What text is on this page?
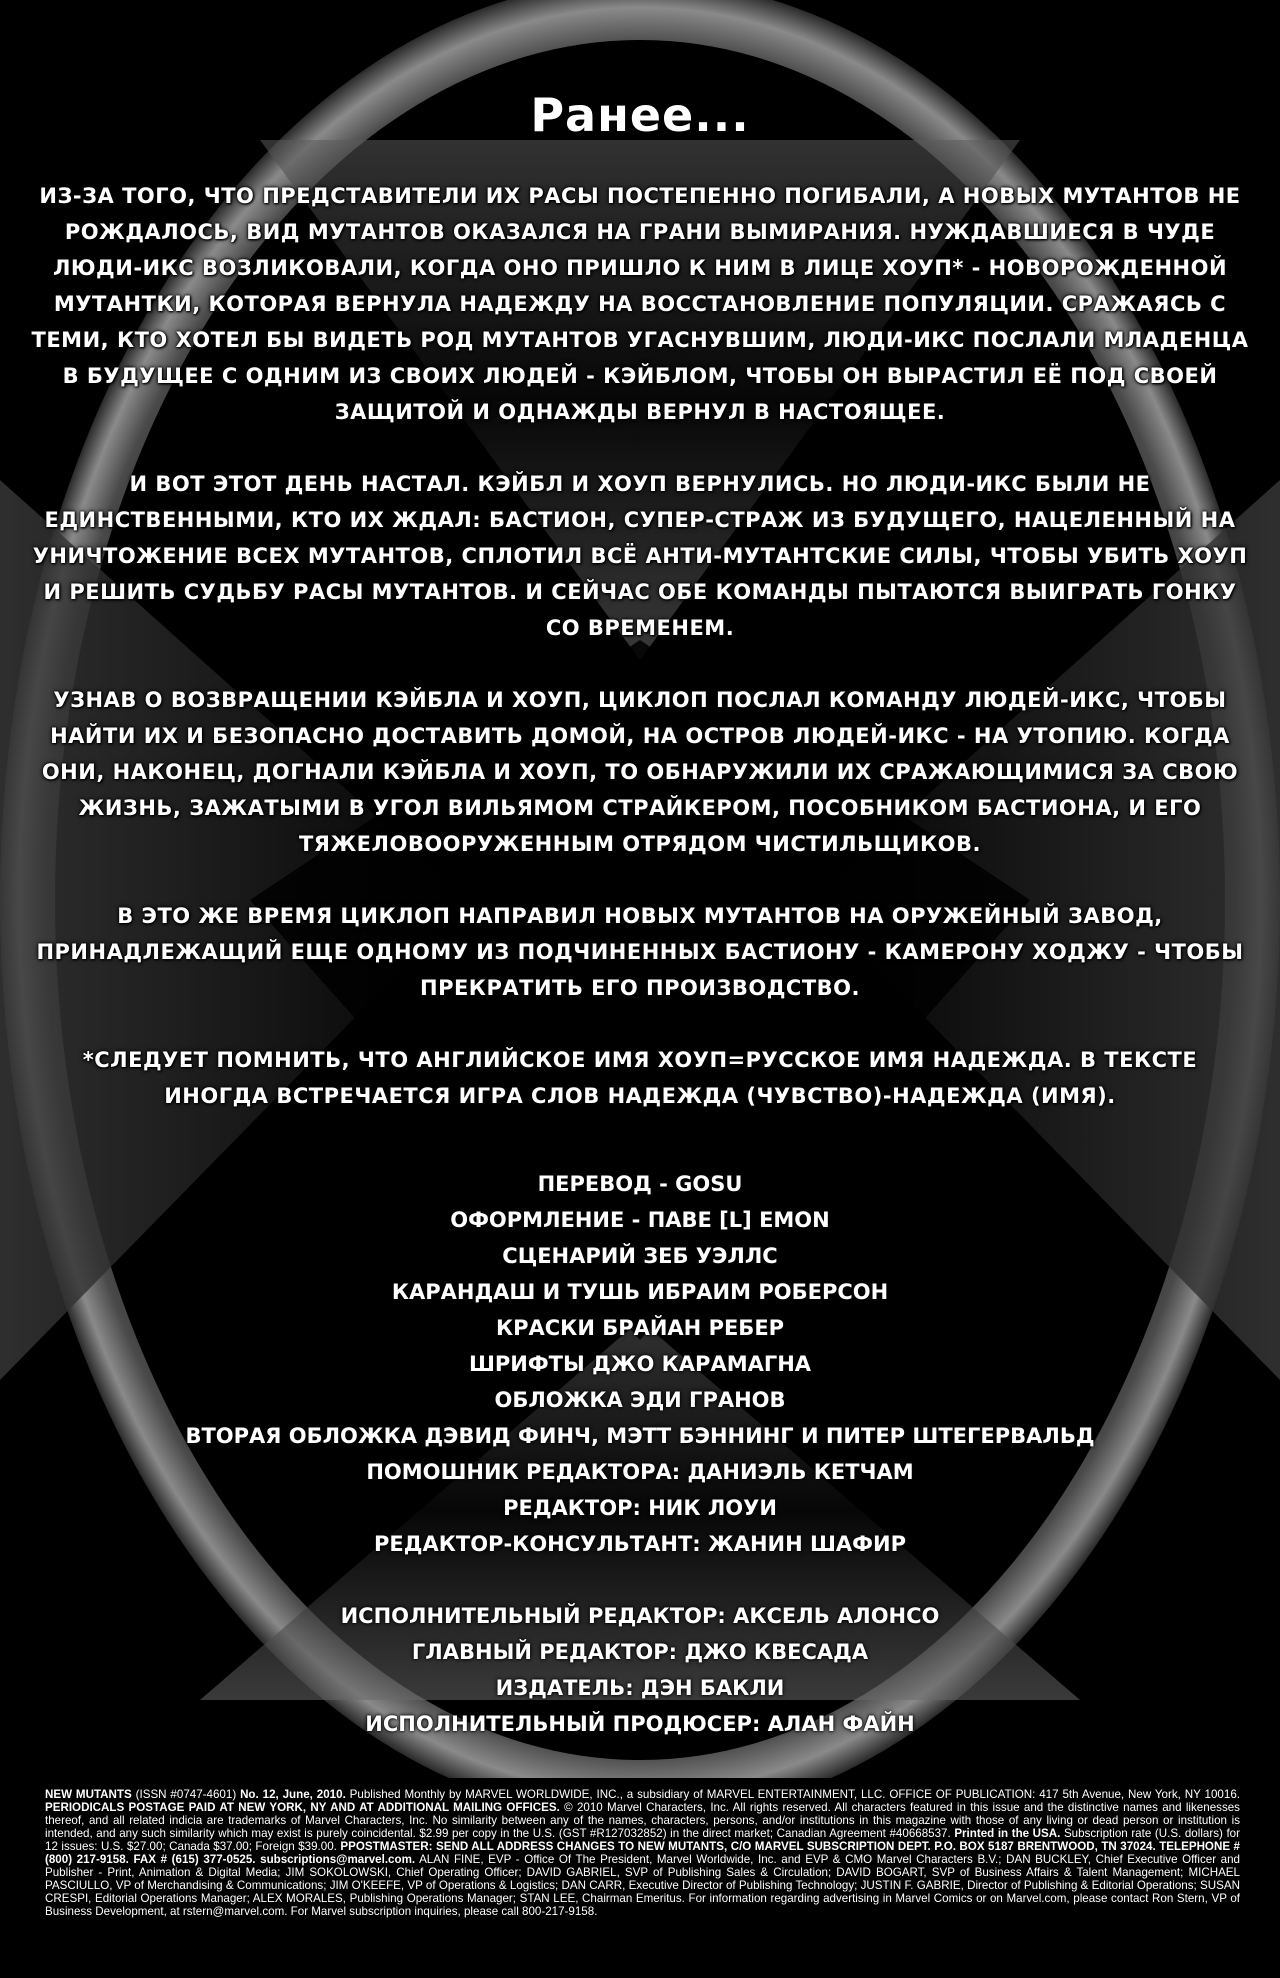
Ранее...
ИЗ-ЗА ТОГО, ЧТО ПРЕДСТАВИТЕЛИ ИХ РАСЫ ПОСТЕПЕННО ПОГИБАЛИ, А НОВЫХ МУТАНТОВ НЕ РОЖДАЛОСЬ, ВИД МУТАНТОВ ОКАЗАЛСЯ НА ГРАНИ ВЫМИРАНИЯ. НУЖДАВШИЕСЯ В ЧУДЕ ЛЮДИ-ИКС ВОЗЛИКОВАЛИ, КОГДА ОНО ПРИШЛО К НИМ В ЛИЦЕ ХОУП* - НОВОРОЖДЕННОЙ МУТАНТКИ, КОТОРАЯ ВЕРНУЛА НАДЕЖДУ НА ВОССТАНОВЛЕНИЕ ПОПУЛЯЦИИ. СРАЖАЯСЬ С ТЕМИ, КТО ХОТЕЛ БЫ ВИДЕТЬ РОД МУТАНТОВ УГАСНУВШИМ, ЛЮДИ-ИКС ПОСЛАЛИ МЛАДЕНЦА В БУДУЩЕЕ С ОДНИМ ИЗ СВОИХ ЛЮДЕЙ - КЭЙБЛОМ, ЧТОБЫ ОН ВЫРАСТИЛ ЕЁ ПОД СВОЕЙ ЗАЩИТОЙ И ОДНАЖДЫ ВЕРНУЛ В НАСТОЯЩЕЕ.
И ВОТ ЭТОТ ДЕНЬ НАСТАЛ. КЭЙБЛ И ХОУП ВЕРНУЛИСЬ. НО ЛЮДИ-ИКС БЫЛИ НЕ ЕДИНСТВЕННЫМИ, КТО ИХ ЖДАЛ: БАСТИОН, СУПЕР-СТРАЖ ИЗ БУДУЩЕГО, НАЦЕЛЕННЫЙ НА УНИЧТОЖЕНИЕ ВСЕХ МУТАНТОВ, СПЛОТИЛ ВСЁ АНТИ-МУТАНТСКИЕ СИЛЫ, ЧТОБЫ УБИТЬ ХОУП И РЕШИТЬ СУДЬБУ РАСЫ МУТАНТОВ. И СЕЙЧАС ОБЕ КОМАНДЫ ПЫТАЮТСЯ ВЫИГРАТЬ ГОНКУ СО ВРЕМЕНЕМ.
УЗНАВ О ВОЗВРАЩЕНИИ КЭЙБЛА И ХОУП, ЦИКЛОП ПОСЛАЛ КОМАНДУ ЛЮДЕЙ-ИКС, ЧТОБЫ НАЙТИ ИХ И БЕЗОПАСНО ДОСТАВИТЬ ДОМОЙ, НА ОСТРОВ ЛЮДЕЙ-ИКС - НА УТОПИЮ. КОГДА ОНИ, НАКОНЕЦ, ДОГНАЛИ КЭЙБЛА И ХОУП, ТО ОБНАРУЖИЛИ ИХ СРАЖАЮЩИМИСЯ ЗА СВОЮ ЖИЗНЬ, ЗАЖАТЫМИ В УГОЛ ВИЛЬЯМОМ СТРАЙКЕРОМ, ПОСОБНИКОМ БАСТИОНА, И ЕГО ТЯЖЕЛОВООРУЖЕННЫМ ОТРЯДОМ ЧИСТИЛЬЩИКОВ.
В ЭТО ЖЕ ВРЕМЯ ЦИКЛОП НАПРАВИЛ НОВЫХ МУТАНТОВ НА ОРУЖЕЙНЫЙ ЗАВОД, ПРИНАДЛЕЖАЩИЙ ЕЩЕ ОДНОМУ ИЗ ПОДЧИНЕННЫХ БАСТИОНУ - КАМЕРОНУ ХОДЖУ - ЧТОБЫ ПРЕКРАТИТЬ ЕГО ПРОИЗВОДСТВО.
*СЛЕДУЕТ ПОМНИТЬ, ЧТО АНГЛИЙСКОЕ ИМЯ ХОУП=РУССКОЕ ИМЯ НАДЕЖДА. В ТЕКСТЕ ИНОГДА ВСТРЕЧАЕТСЯ ИГРА СЛОВ НАДЕЖДА (ЧУВСТВО)-НАДЕЖДА (ИМЯ).
ПЕРЕВОД - GOSU
ОФОРМЛЕНИЕ - ПАВЕ [L] EMON
СЦЕНАРИЙ ЗЕБ УЭЛЛС
КАРАНДАШ И ТУШЬ ИБРАИМ РОБЕРСОН
КРАСКИ БРАЙАН РЕБЕР
ШРИФТЫ ДЖО КАРАМАГНА
ОБЛОЖКА ЭДИ ГРАНОВ
ВТОРАЯ ОБЛОЖКА ДЭВИД ФИНЧ, МЭТТ БЭННИНГ И ПИТЕР ШТЕГЕРВАЛЬД
ПОМОШНИК РЕДАКТОРА: ДАНИЭЛЬ КЕТЧАМ
РЕДАКТОР: НИК ЛОУИ
РЕДАКТОР-КОНСУЛЬТАНТ: ЖАНИН ШАФИР
ИСПОЛНИТЕЛЬНЫЙ РЕДАКТОР: АКСЕЛЬ АЛОНСО
ГЛАВНЫЙ РЕДАКТОР: ДЖО КВЕСАДА
ИЗДАТЕЛЬ: ДЭН БАКЛИ
ИСПОЛНИТЕЛЬНЫЙ ПРОДЮСЕР: АЛАН ФАЙН
NEW MUTANTS (ISSN #0747-4601) No. 12, June, 2010. Published Monthly by MARVEL WORLDWIDE, INC., a subsidiary of MARVEL ENTERTAINMENT, LLC. OFFICE OF PUBLICATION: 417 5th Avenue, New York, NY 10016. PERIODICALS POSTAGE PAID AT NEW YORK, NY AND AT ADDITIONAL MAILING OFFICES. © 2010 Marvel Characters, Inc. All rights reserved. All characters featured in this issue and the distinctive names and likenesses thereof, and all related indicia are trademarks of Marvel Characters, Inc. No similarity between any of the names, characters, persons, and/or institutions in this magazine with those of any living or dead person or institution is intended, and any such similarity which may exist is purely coincidental. $2.99 per copy in the U.S. (GST #R127032852) in the direct market; Canadian Agreement #40668537. Printed in the USA. Subscription rate (U.S. dollars) for 12 issues: U.S. $27.00; Canada $37.00; Foreign $39.00. PPOSTMASTER: SEND ALL ADDRESS CHANGES TO NEW MUTANTS, C/O MARVEL SUBSCRIPTION DEPT. P.O. BOX 5187 BRENTWOOD, TN 37024. TELEPHONE # (800) 217-9158. FAX # (615) 377-0525. subscriptions@marvel.com. ALAN FINE, EVP - Office Of The President, Marvel Worldwide, Inc. and EVP & CMO Marvel Characters B.V.; DAN BUCKLEY, Chief Executive Officer and Publisher - Print, Animation & Digital Media; JIM SOKOLOWSKI, Chief Operating Officer; DAVID GABRIEL, SVP of Publishing Sales & Circulation; DAVID BOGART, SVP of Business Affairs & Talent Management; MICHAEL PASCIULLO, VP of Merchandising & Communications; JIM O'KEEFE, VP of Operations & Logistics; DAN CARR, Executive Director of Publishing Technology; JUSTIN F. GABRIE, Director of Publishing & Editorial Operations; SUSAN CRESPI, Editorial Operations Manager; ALEX MORALES, Publishing Operations Manager; STAN LEE, Chairman Emeritus. For information regarding advertising in Marvel Comics or on Marvel.com, please contact Ron Stern, VP of Business Development, at rstern@marvel.com. For Marvel subscription inquiries, please call 800-217-9158.
